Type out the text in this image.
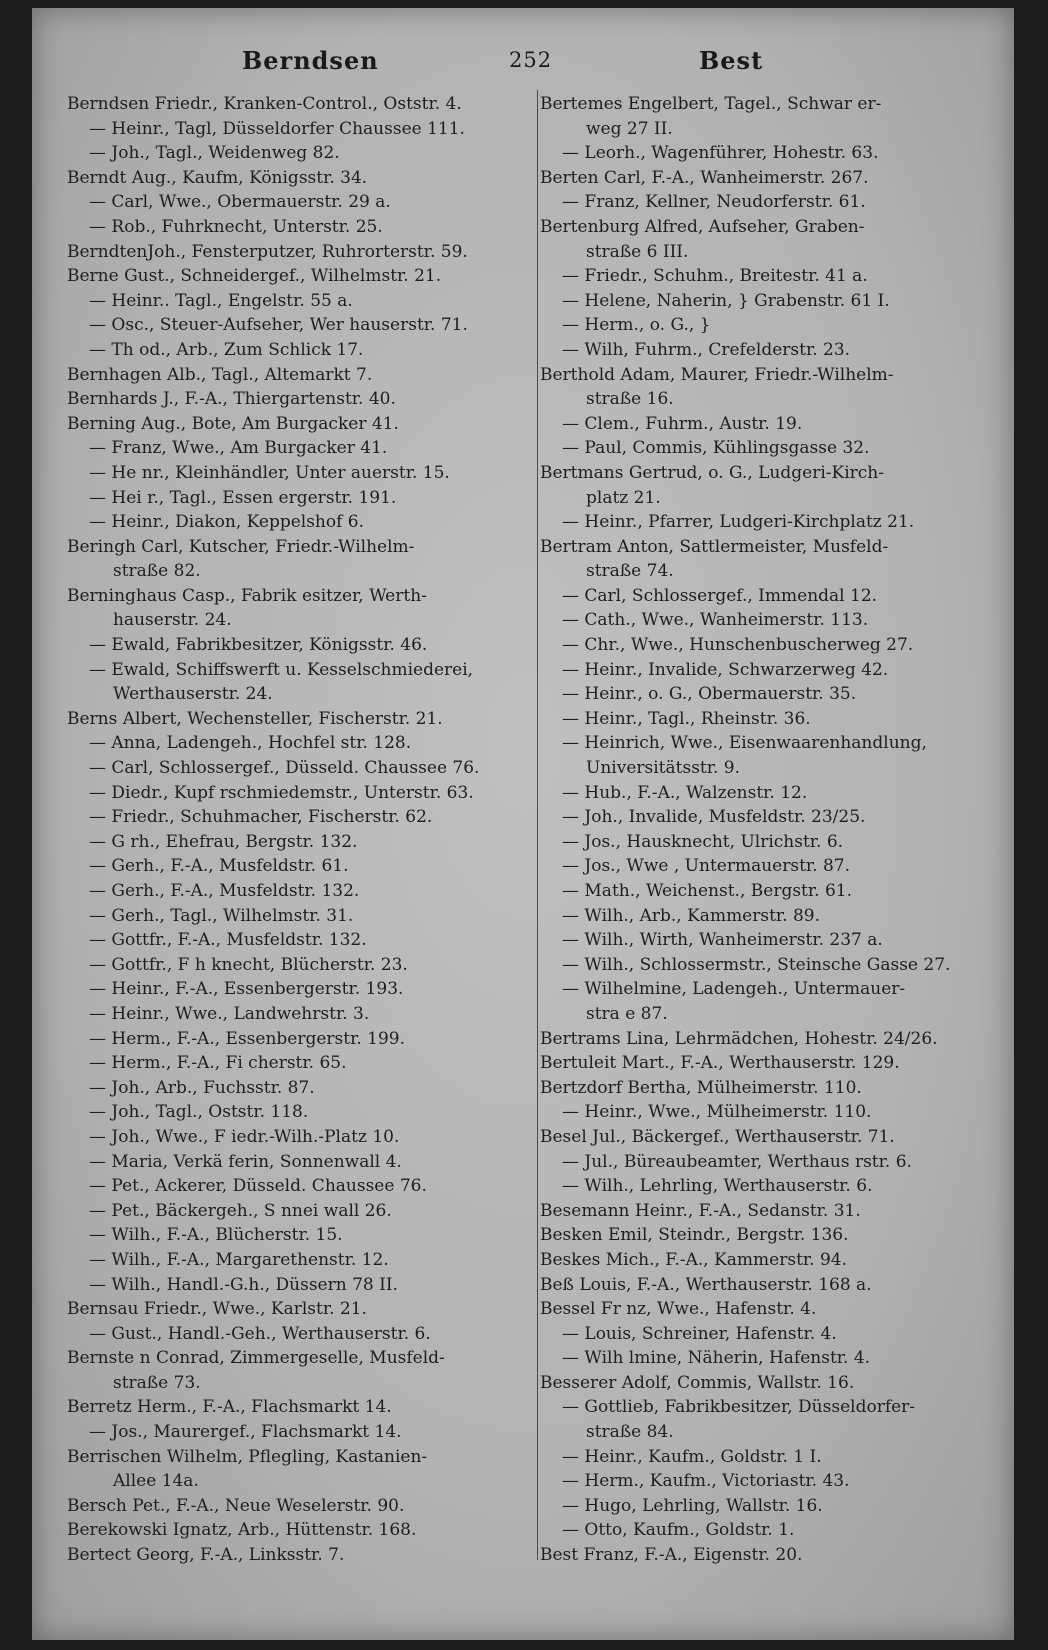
Berndsen	252	Best
Berndsen Friedr., Kranken-Control., Oststr. 4.
— Heinr., Tagl, Düsseldorfer Chaussee 111.
— Joh., Tagl., Weidenweg 82.
Berndt Aug., Kaufm, Königsstr. 34.
— Carl, Wwe., Obermauerstr. 29 a.
— Rob., Fuhrknecht, Unterstr. 25.
BerndtenJoh., Fensterputzer, Ruhrorterstr. 59.
Berne Gust., Schneidergef., Wilhelmstr. 21.
— Heinr.. Tagl., Engelstr. 55 a.
— Osc., Steuer-Aufseher, Wer hauserstr. 71.
— Th od., Arb., Zum Schlick 17.
Bernhagen Alb., Tagl., Altemarkt 7.
Bernhards J., F.-A., Thiergartenstr. 40.
Berning Aug., Bote, Am Burgacker 41.
— Franz, Wwe., Am Burgacker 41.
— He nr., Kleinhändler, Unter auerstr. 15.
— Hei r., Tagl., Essen ergerstr. 191.
— Heinr., Diakon, Keppelshof 6.
Beringh Carl, Kutscher, Friedr.-Wilhelm-
straße 82.
Berninghaus Casp., Fabrik esitzer, Werth-
hauserstr. 24.
— Ewald, Fabrikbesitzer, Königsstr. 46.
— Ewald, Schiffswerft u. Kesselschmiederei,
Werthauserstr. 24.
Berns Albert, Wechensteller, Fischerstr. 21.
— Anna, Ladengeh., Hochfel str. 128.
— Carl, Schlossergef., Düsseld. Chaussee 76.
— Diedr., Kupf rschmiedemstr., Unterstr. 63.
— Friedr., Schuhmacher, Fischerstr. 62.
— G rh., Ehefrau, Bergstr. 132.
— Gerh., F.-A., Musfeldstr. 61.
— Gerh., F.-A., Musfeldstr. 132.
— Gerh., Tagl., Wilhelmstr. 31.
— Gottfr., F.-A., Musfeldstr. 132.
— Gottfr., F h knecht, Blücherstr. 23.
— Heinr., F.-A., Essenbergerstr. 193.
— Heinr., Wwe., Landwehrstr. 3.
— Herm., F.-A., Essenbergerstr. 199.
— Herm., F.-A., Fi cherstr. 65.
— Joh., Arb., Fuchsstr. 87.
— Joh., Tagl., Oststr. 118.
— Joh., Wwe., F iedr.-Wilh.-Platz 10.
— Maria, Verkä ferin, Sonnenwall 4.
— Pet., Ackerer, Düsseld. Chaussee 76.
— Pet., Bäckergeh., S nnei wall 26.
— Wilh., F.-A., Blücherstr. 15.
— Wilh., F.-A., Margarethenstr. 12.
— Wilh., Handl.-G.h., Düssern 78 II.
Bernsau Friedr., Wwe., Karlstr. 21.
— Gust., Handl.-Geh., Werthauserstr. 6.
Bernste n Conrad, Zimmergeselle, Musfeld-
straße 73.
Berretz Herm., F.-A., Flachsmarkt 14.
— Jos., Maurergef., Flachsmarkt 14.
Berrischen Wilhelm, Pflegling, Kastanien-
Allee 14a.
Bersch Pet., F.-A., Neue Weselerstr. 90.
Berekowski Ignatz, Arb., Hüttenstr. 168.
Bertect Georg, F.-A., Linksstr. 7.
Bertemes Engelbert, Tagel., Schwar er-
weg 27 II.
— Leorh., Wagenführer, Hohestr. 63.
Berten Carl, F.-A., Wanheimerstr. 267.
— Franz, Kellner, Neudorferstr. 61.
Bertenburg Alfred, Aufseher, Graben-
straße 6 III.
— Friedr., Schuhm., Breitestr. 41 a.
— Helene, Naherin, } Grabenstr. 61 I.
— Herm., o. G., }
— Wilh, Fuhrm., Crefelderstr. 23.
Berthold Adam, Maurer, Friedr.-Wilhelm-
straße 16.
— Clem., Fuhrm., Austr. 19.
— Paul, Commis, Kühlingsgasse 32.
Bertmans Gertrud, o. G., Ludgeri-Kirch-
platz 21.
— Heinr., Pfarrer, Ludgeri-Kirchplatz 21.
Bertram Anton, Sattlermeister, Musfeld-
straße 74.
— Carl, Schlossergef., Immendal 12.
— Cath., Wwe., Wanheimerstr. 113.
— Chr., Wwe., Hunschenbuscherweg 27.
— Heinr., Invalide, Schwarzerweg 42.
— Heinr., o. G., Obermauerstr. 35.
— Heinr., Tagl., Rheinstr. 36.
— Heinrich, Wwe., Eisenwaarenhandlung,
Universitätsstr. 9.
— Hub., F.-A., Walzenstr. 12.
— Joh., Invalide, Musfeldstr. 23/25.
— Jos., Hausknecht, Ulrichstr. 6.
— Jos., Wwe , Untermauerstr. 87.
— Math., Weichenst., Bergstr. 61.
— Wilh., Arb., Kammerstr. 89.
— Wilh., Wirth, Wanheimerstr. 237 a.
— Wilh., Schlossermstr., Steinsche Gasse 27.
— Wilhelmine, Ladengeh., Untermauer-
stra e 87.
Bertrams Lina, Lehrmädchen, Hohestr. 24/26.
Bertuleit Mart., F.-A., Werthauserstr. 129.
Bertzdorf Bertha, Mülheimerstr. 110.
— Heinr., Wwe., Mülheimerstr. 110.
Besel Jul., Bäckergef., Werthauserstr. 71.
— Jul., Büreaubeamter, Werthaus rstr. 6.
— Wilh., Lehrling, Werthauserstr. 6.
Besemann Heinr., F.-A., Sedanstr. 31.
Besken Emil, Steindr., Bergstr. 136.
Beskes Mich., F.-A., Kammerstr. 94.
Beß Louis, F.-A., Werthauserstr. 168 a.
Bessel Fr nz, Wwe., Hafenstr. 4.
— Louis, Schreiner, Hafenstr. 4.
— Wilh lmine, Näherin, Hafenstr. 4.
Besserer Adolf, Commis, Wallstr. 16.
— Gottlieb, Fabrikbesitzer, Düsseldorfer-
straße 84.
— Heinr., Kaufm., Goldstr. 1 I.
— Herm., Kaufm., Victoriastr. 43.
— Hugo, Lehrling, Wallstr. 16.
— Otto, Kaufm., Goldstr. 1.
Best Franz, F.-A., Eigenstr. 20.
